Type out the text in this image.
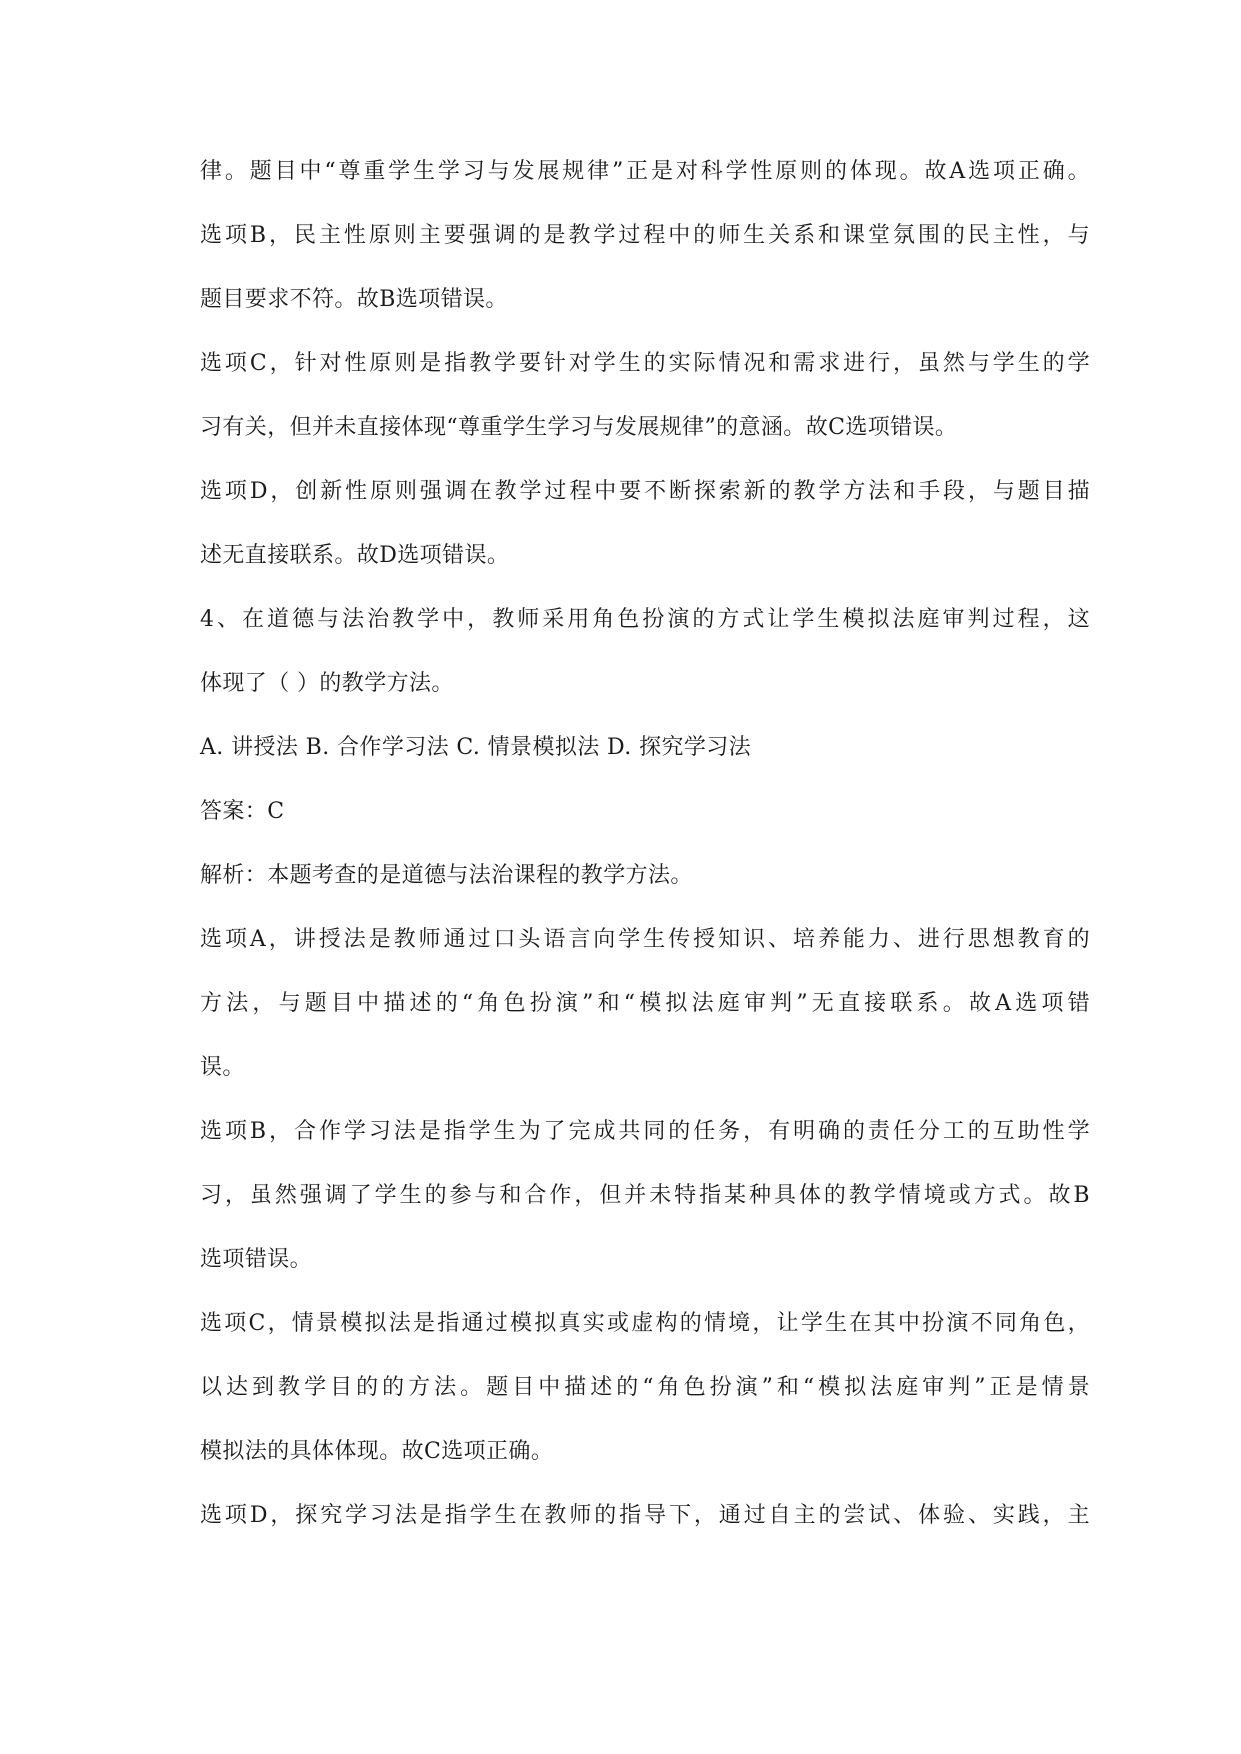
律。题目中“尊重学生学习与发展规律”正是对科学性原则的体现。故A选项正确。
选项B，民主性原则主要强调的是教学过程中的师生关系和课堂氛围的民主性，与
题目要求不符。故B选项错误。
选项C，针对性原则是指教学要针对学生的实际情况和需求进行，虽然与学生的学
习有关，但并未直接体现“尊重学生学习与发展规律”的意涵。故C选项错误。
选项D，创新性原则强调在教学过程中要不断探索新的教学方法和手段，与题目描
述无直接联系。故D选项错误。
4、在道德与法治教学中，教师采用角色扮演的方式让学生模拟法庭审判过程，这
体现了（ ）的教学方法。
A. 讲授法 B. 合作学习法 C. 情景模拟法 D. 探究学习法
答案：C
解析：本题考查的是道德与法治课程的教学方法。
选项A，讲授法是教师通过口头语言向学生传授知识、培养能力、进行思想教育的
方法，与题目中描述的“角色扮演”和“模拟法庭审判”无直接联系。故A选项错
误。
选项B，合作学习法是指学生为了完成共同的任务，有明确的责任分工的互助性学
习，虽然强调了学生的参与和合作，但并未特指某种具体的教学情境或方式。故B
选项错误。
选项C，情景模拟法是指通过模拟真实或虚构的情境，让学生在其中扮演不同角色，
以达到教学目的的方法。题目中描述的“角色扮演”和“模拟法庭审判”正是情景
模拟法的具体体现。故C选项正确。
选项D，探究学习法是指学生在教师的指导下，通过自主的尝试、体验、实践，主
